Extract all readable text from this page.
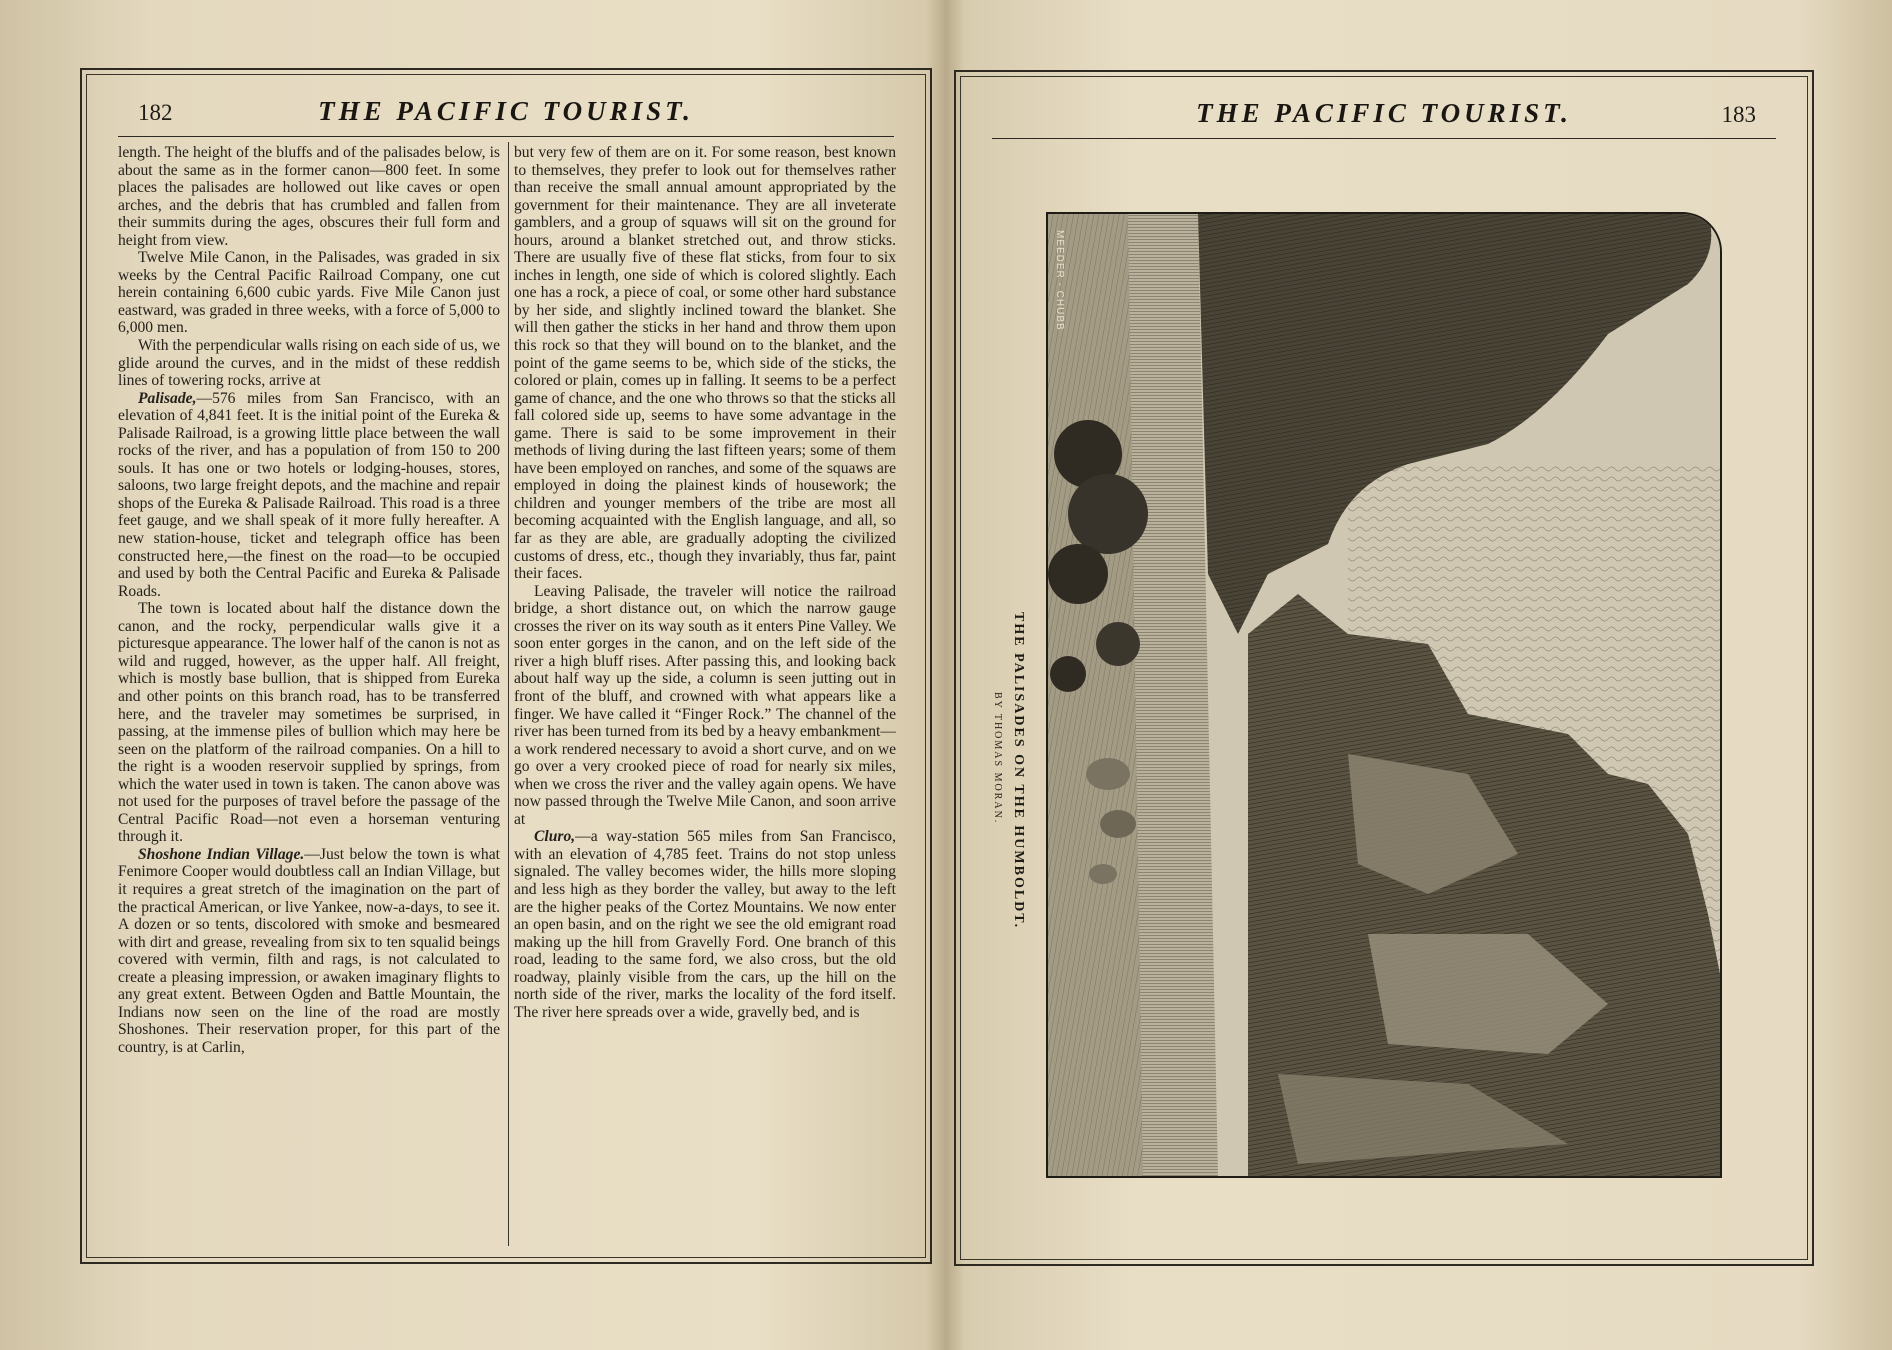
182	THE PACIFIC TOURIST.

length. The height of the bluffs and of the palisades below, is about the same as in the former canon—800 feet. In some places the palisades are hollowed out like caves or open arches, and the debris that has crumbled and fallen from their summits during the ages, obscures their full form and height from view.

Twelve Mile Canon, in the Palisades, was graded in six weeks by the Central Pacific Railroad Company, one cut herein containing 6,600 cubic yards. Five Mile Canon just eastward, was graded in three weeks, with a force of 5,000 to 6,000 men.

With the perpendicular walls rising on each side of us, we glide around the curves, and in the midst of these reddish lines of towering rocks, arrive at

Palisade,—576 miles from San Francisco, with an elevation of 4,841 feet. It is the initial point of the Eureka & Palisade Railroad, is a growing little place between the wall rocks of the river, and has a population of from 150 to 200 souls. It has one or two hotels or lodging-houses, stores, saloons, two large freight depots, and the machine and repair shops of the Eureka & Palisade Railroad. This road is a three feet gauge, and we shall speak of it more fully hereafter. A new station-house, ticket and telegraph office has been constructed here,—the finest on the road—to be occupied and used by both the Central Pacific and Eureka & Palisade Roads.

The town is located about half the distance down the canon, and the rocky, perpendicular walls give it a picturesque appearance. The lower half of the canon is not as wild and rugged, however, as the upper half. All freight, which is mostly base bullion, that is shipped from Eureka and other points on this branch road, has to be transferred here, and the traveler may sometimes be surprised, in passing, at the immense piles of bullion which may here be seen on the platform of the railroad companies. On a hill to the right is a wooden reservoir supplied by springs, from which the water used in town is taken. The canon above was not used for the purposes of travel before the passage of the Central Pacific Road—not even a horseman venturing through it.

Shoshone Indian Village.—Just below the town is what Fenimore Cooper would doubtless call an Indian Village, but it requires a great stretch of the imagination on the part of the practical American, or live Yankee, now-a-days, to see it. A dozen or so tents, discolored with smoke and besmeared with dirt and grease, revealing from six to ten squalid beings covered with vermin, filth and rags, is not calculated to create a pleasing impression, or awaken imaginary flights to any great extent. Between Ogden and Battle Mountain, the Indians now seen on the line of the road are mostly Shoshones. Their reservation proper, for this part of the country, is at Carlin,

but very few of them are on it. For some reason, best known to themselves, they prefer to look out for themselves rather than receive the small annual amount appropriated by the government for their maintenance. They are all inveterate gamblers, and a group of squaws will sit on the ground for hours, around a blanket stretched out, and throw sticks. There are usually five of these flat sticks, from four to six inches in length, one side of which is colored slightly. Each one has a rock, a piece of coal, or some other hard substance by her side, and slightly inclined toward the blanket. She will then gather the sticks in her hand and throw them upon this rock so that they will bound on to the blanket, and the point of the game seems to be, which side of the sticks, the colored or plain, comes up in falling. It seems to be a perfect game of chance, and the one who throws so that the sticks all fall colored side up, seems to have some advantage in the game. There is said to be some improvement in their methods of living during the last fifteen years; some of them have been employed on ranches, and some of the squaws are employed in doing the plainest kinds of housework; the children and younger members of the tribe are most all becoming acquainted with the English language, and all, so far as they are able, are gradually adopting the civilized customs of dress, etc., though they invariably, thus far, paint their faces.

Leaving Palisade, the traveler will notice the railroad bridge, a short distance out, on which the narrow gauge crosses the river on its way south as it enters Pine Valley. We soon enter gorges in the canon, and on the left side of the river a high bluff rises. After passing this, and looking back about half way up the side, a column is seen jutting out in front of the bluff, and crowned with what appears like a finger. We have called it “Finger Rock.” The channel of the river has been turned from its bed by a heavy embankment—a work rendered necessary to avoid a short curve, and on we go over a very crooked piece of road for nearly six miles, when we cross the river and the valley again opens. We have now passed through the Twelve Mile Canon, and soon arrive at

Cluro,—a way-station 565 miles from San Francisco, with an elevation of 4,785 feet. Trains do not stop unless signaled. The valley becomes wider, the hills more sloping and less high as they border the valley, but away to the left are the higher peaks of the Cortez Mountains. We now enter an open basin, and on the right we see the old emigrant road making up the hill from Gravelly Ford. One branch of this road, leading to the same ford, we also cross, but the old roadway, plainly visible from the cars, up the hill on the north side of the river, marks the locality of the ford itself. The river here spreads over a wide, gravelly bed, and is

THE PACIFIC TOURIST.	183
THE PALISADES ON THE HUMBOLDT.
BY THOMAS MORAN.
MEEDER - CHUBB
